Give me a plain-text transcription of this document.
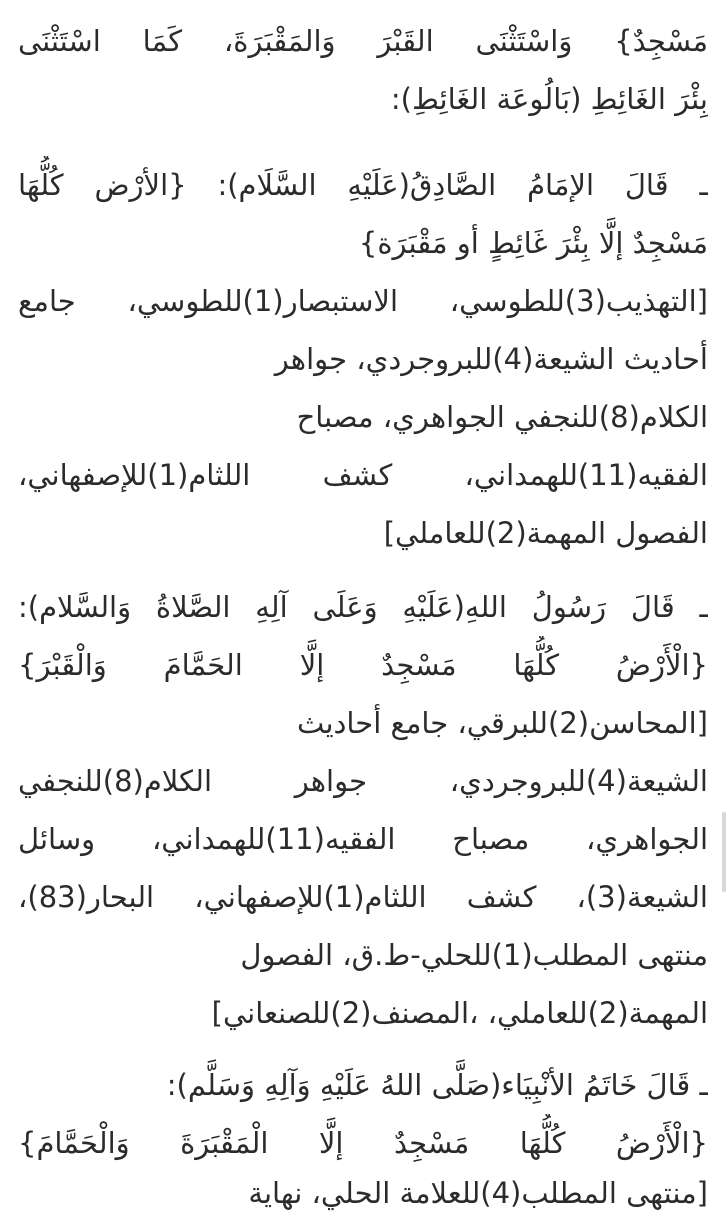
مَسْجِدٌ} وَاسْتَثْنَى القَبْرَ وَالمَقْبَرَةَ، كَمَا اسْتَثْنَى
بِئْرَ الغَائِطِ (بَالُوعَة الغَائِطِ):
ـ قَالَ الإمَامُ الصَّادِقُ(عَلَيْهِ السَّلَام): {الأرْض كُلُّهَا
مَسْجِدٌ إلَّا بِئْرَ غَائِطٍ أو مَقْبَرَة}
[التهذيب(3)للطوسي، الاستبصار(1)للطوسي، جامع
أحاديث الشيعة(4)للبروجردي، جواهر
الكلام(8)للنجفي الجواهري، مصباح
الفقيه(11)للهمداني، كشف اللثام(1)للإصفهاني،
الفصول المهمة(2)للعاملي]
ـ قَالَ رَسُولُ اللهِ(عَلَيْهِ وَعَلَى آلِهِ الصَّلاةُ وَالسَّلام):
{الْأَرْضُ كُلُّهَا مَسْجِدٌ إلَّا الحَمَّامَ وَالْقَبْرَ}
[المحاسن(2)للبرقي، جامع أحاديث
الشيعة(4)للبروجردي، جواهر الكلام(8)للنجفي
الجواهري، مصباح الفقيه(11)للهمداني، وسائل
الشيعة(3)، كشف اللثام(1)للإصفهاني، البحار(83)،
منتهى المطلب(1)للحلي-ط.ق، الفصول
المهمة(2)للعاملي، ،المصنف(2)للصنعاني]
ـ قَالَ خَاتَمُ الأنْبِيَاء(صَلَّى اللهُ عَلَيْهِ وَآلِهِ وَسَلَّم):
{الْأَرْضُ كُلُّهَا مَسْجِدٌ إلَّا الْمَقْبَرَةَ وَالْحَمَّامَ}
[منتهى المطلب(4)للعلامة الحلي، نهاية
